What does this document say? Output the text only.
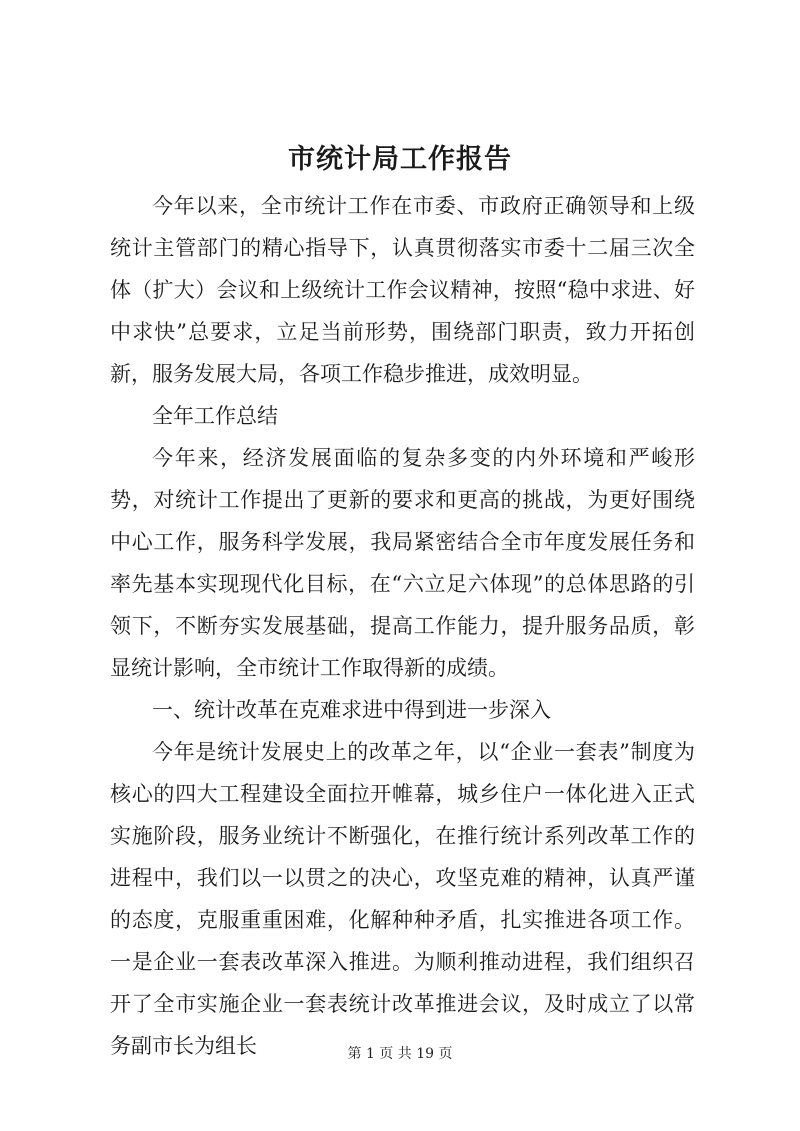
市统计局工作报告

今年以来，全市统计工作在市委、市政府正确领导和上级统计主管部门的精心指导下，认真贯彻落实市委十二届三次全体（扩大）会议和上级统计工作会议精神，按照“稳中求进、好中求快”总要求，立足当前形势，围绕部门职责，致力开拓创新，服务发展大局，各项工作稳步推进，成效明显。

全年工作总结

今年来，经济发展面临的复杂多变的内外环境和严峻形势，对统计工作提出了更新的要求和更高的挑战，为更好围绕中心工作，服务科学发展，我局紧密结合全市年度发展任务和率先基本实现现代化目标，在“六立足六体现”的总体思路的引领下，不断夯实发展基础，提高工作能力，提升服务品质，彰显统计影响，全市统计工作取得新的成绩。

一、统计改革在克难求进中得到进一步深入

今年是统计发展史上的改革之年，以“企业一套表”制度为核心的四大工程建设全面拉开帷幕，城乡住户一体化进入正式实施阶段，服务业统计不断强化，在推行统计系列改革工作的进程中，我们以一以贯之的决心，攻坚克难的精神，认真严谨的态度，克服重重困难，化解种种矛盾，扎实推进各项工作。一是企业一套表改革深入推进。为顺利推动进程，我们组织召开了全市实施企业一套表统计改革推进会议，及时成立了以常务副市长为组长	第 1 页 共 19 页
